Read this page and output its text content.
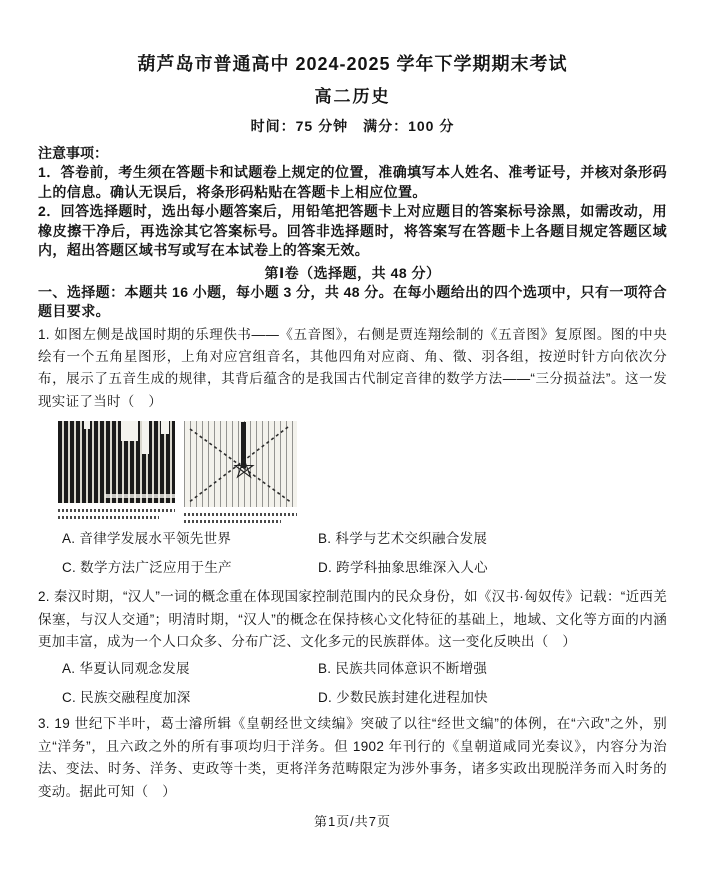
葫芦岛市普通高中 2024-2025 学年下学期期末考试
高二历史
时间：75 分钟　满分：100 分
注意事项：

1．答卷前，考生须在答题卡和试题卷上规定的位置，准确填写本人姓名、准考证号，并核对条形码上的信息。确认无误后，将条形码粘贴在答题卡上相应位置。

2．回答选择题时，选出每小题答案后，用铅笔把答题卡上对应题目的答案标号涂黑，如需改动，用橡皮擦干净后，再选涂其它答案标号。回答非选择题时，将答案写在答题卡上各题目规定答题区域内，超出答题区域书写或写在本试卷上的答案无效。

第Ⅰ卷（选择题，共 48 分）

一、选择题：本题共 16 小题，每小题 3 分，共 48 分。在每小题给出的四个选项中，只有一项符合题目要求。

1. 如图左侧是战国时期的乐理佚书——《五音图》，右侧是贾连翔绘制的《五音图》复原图。图的中央绘有一个五角星图形，上角对应宫组音名，其他四角对应商、角、徵、羽各组，按逆时针方向依次分布，展示了五音生成的规律，其背后蕴含的是我国古代制定音律的数学方法——“三分损益法”。这一发现实证了当时（　）

A. 音律学发展水平领先世界	B. 科学与艺术交织融合发展
C. 数学方法广泛应用于生产	D. 跨学科抽象思维深入人心

2. 秦汉时期，“汉人”一词的概念重在体现国家控制范围内的民众身份，如《汉书·匈奴传》记载：“近西羌保塞，与汉人交通”；明清时期，“汉人”的概念在保持核心文化特征的基础上，地域、文化等方面的内涵更加丰富，成为一个人口众多、分布广泛、文化多元的民族群体。这一变化反映出（　）

A. 华夏认同观念发展	B. 民族共同体意识不断增强
C. 民族交融程度加深	D. 少数民族封建化进程加快

3. 19 世纪下半叶，葛士濬所辑《皇朝经世文续编》突破了以往“经世文编”的体例，在“六政”之外，别立“洋务”，且六政之外的所有事项均归于洋务。但 1902 年刊行的《皇朝道咸同光奏议》，内容分为治法、变法、时务、洋务、吏政等十类，更将洋务范畴限定为涉外事务，诸多实政出现脱洋务而入时务的变动。据此可知（　）

第1页/共7页
